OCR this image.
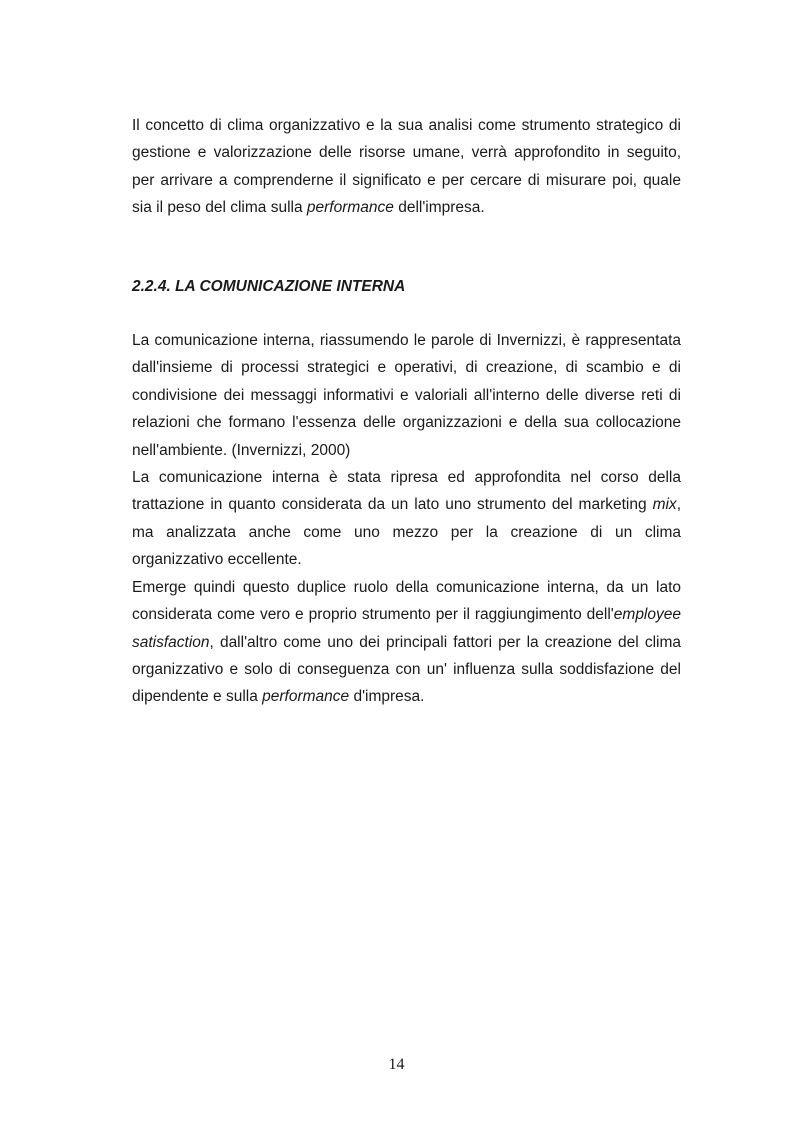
Il concetto di clima organizzativo e la sua analisi come strumento strategico di gestione e valorizzazione delle risorse umane, verrà approfondito in seguito, per arrivare a comprenderne il significato e per cercare di misurare poi, quale sia il peso del clima sulla performance dell'impresa.

2.2.4. LA COMUNICAZIONE INTERNA

La comunicazione interna, riassumendo le parole di Invernizzi, è rappresentata dall'insieme di processi strategici e operativi, di creazione, di scambio e di condivisione dei messaggi informativi e valoriali all'interno delle diverse reti di relazioni che formano l'essenza delle organizzazioni e della sua collocazione nell'ambiente. (Invernizzi, 2000)

La comunicazione interna è stata ripresa ed approfondita nel corso della trattazione in quanto considerata da un lato uno strumento del marketing mix, ma analizzata anche come uno mezzo per la creazione di un clima organizzativo eccellente.

Emerge quindi questo duplice ruolo della comunicazione interna, da un lato considerata come vero e proprio strumento per il raggiungimento dell'employee satisfaction, dall'altro come uno dei principali fattori per la creazione del clima organizzativo e solo di conseguenza con un' influenza sulla soddisfazione del dipendente e sulla performance d'impresa.

14
